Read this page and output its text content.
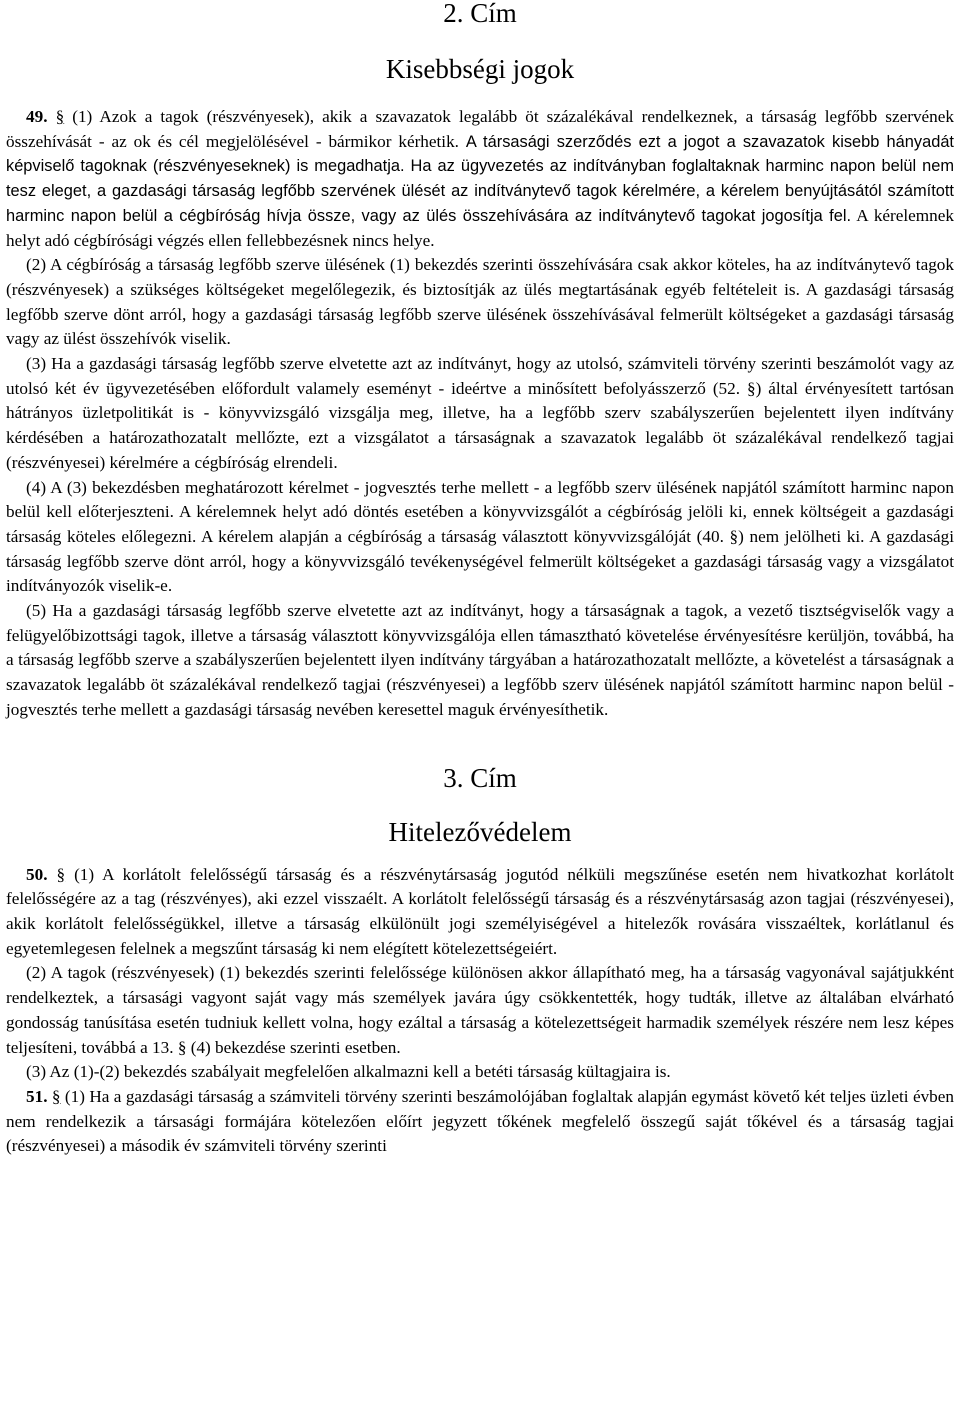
2. Cím
Kisebbségi jogok

49. § (1) Azok a tagok (részvényesek), akik a szavazatok legalább öt százalékával rendelkeznek, a társaság legfőbb szervének összehívását - az ok és cél megjelölésével - bármikor kérhetik. A társasági szerződés ezt a jogot a szavazatok kisebb hányadát képviselő tagoknak (részvényeseknek) is megadhatja. Ha az ügyvezetés az indítványban foglaltaknak harminc napon belül nem tesz eleget, a gazdasági társaság legfőbb szervének ülését az indítványtevő tagok kérelmére, a kérelem benyújtásától számított harminc napon belül a cégbíróság hívja össze, vagy az ülés összehívására az indítványtevő tagokat jogosítja fel. A kérelemnek helyt adó cégbírósági végzés ellen fellebbezésnek nincs helye.

(2) A cégbíróság a társaság legfőbb szerve ülésének (1) bekezdés szerinti összehívására csak akkor köteles, ha az indítványtevő tagok (részvényesek) a szükséges költségeket megelőlegezik, és biztosítják az ülés megtartásának egyéb feltételeit is. A gazdasági társaság legfőbb szerve dönt arról, hogy a gazdasági társaság legfőbb szerve ülésének összehívásával felmerült költségeket a gazdasági társaság vagy az ülést összehívók viselik.

(3) Ha a gazdasági társaság legfőbb szerve elvetette azt az indítványt, hogy az utolsó, számviteli törvény szerinti beszámolót vagy az utolsó két év ügyvezetésében előfordult valamely eseményt - ideértve a minősített befolyásszerző (52. §) által érvényesített tartósan hátrányos üzletpolitikát is - könyvvizsgáló vizsgálja meg, illetve, ha a legfőbb szerv szabályszerűen bejelentett ilyen indítvány kérdésében a határozathozatalt mellőzte, ezt a vizsgálatot a társaságnak a szavazatok legalább öt százalékával rendelkező tagjai (részvényesei) kérelmére a cégbíróság elrendeli.

(4) A (3) bekezdésben meghatározott kérelmet - jogvesztés terhe mellett - a legfőbb szerv ülésének napjától számított harminc napon belül kell előterjeszteni. A kérelemnek helyt adó döntés esetében a könyvvizsgálót a cégbíróság jelöli ki, ennek költségeit a gazdasági társaság köteles előlegezni. A kérelem alapján a cégbíróság a társaság választott könyvvizsgálóját (40. §) nem jelölheti ki. A gazdasági társaság legfőbb szerve dönt arról, hogy a könyvvizsgáló tevékenységével felmerült költségeket a gazdasági társaság vagy a vizsgálatot indítványozók viselik-e.

(5) Ha a gazdasági társaság legfőbb szerve elvetette azt az indítványt, hogy a társaságnak a tagok, a vezető tisztségviselők vagy a felügyelőbizottsági tagok, illetve a társaság választott könyvvizsgálója ellen támasztható követelése érvényesítésre kerüljön, továbbá, ha a társaság legfőbb szerve a szabályszerűen bejelentett ilyen indítvány tárgyában a határozathozatalt mellőzte, a követelést a társaságnak a szavazatok legalább öt százalékával rendelkező tagjai (részvényesei) a legfőbb szerv ülésének napjától számított harminc napon belül - jogvesztés terhe mellett a gazdasági társaság nevében keresettel maguk érvényesíthetik.

3. Cím
Hitelezővédelem

50. § (1) A korlátolt felelősségű társaság és a részvénytársaság jogutód nélküli megszűnése esetén nem hivatkozhat korlátolt felelősségére az a tag (részvényes), aki ezzel visszaélt. A korlátolt felelősségű társaság és a részvénytársaság azon tagjai (részvényesei), akik korlátolt felelősségükkel, illetve a társaság elkülönült jogi személyiségével a hitelezők rovására visszaéltek, korlátlanul és egyetemlegesen felelnek a megszűnt társaság ki nem elégített kötelezettségeiért.

(2) A tagok (részvényesek) (1) bekezdés szerinti felelőssége különösen akkor állapítható meg, ha a társaság vagyonával sajátjukként rendelkeztek, a társasági vagyont saját vagy más személyek javára úgy csökkentették, hogy tudták, illetve az általában elvárható gondosság tanúsítása esetén tudniuk kellett volna, hogy ezáltal a társaság a kötelezettségeit harmadik személyek részére nem lesz képes teljesíteni, továbbá a 13. § (4) bekezdése szerinti esetben.

(3) Az (1)-(2) bekezdés szabályait megfelelően alkalmazni kell a betéti társaság kültagjaira is.

51. § (1) Ha a gazdasági társaság a számviteli törvény szerinti beszámolójában foglaltak alapján egymást követő két teljes üzleti évben nem rendelkezik a társasági formájára kötelezően előírt jegyzett tőkének megfelelő összegű saját tőkével és a társaság tagjai (részvényesei) a második év számviteli törvény szerinti
